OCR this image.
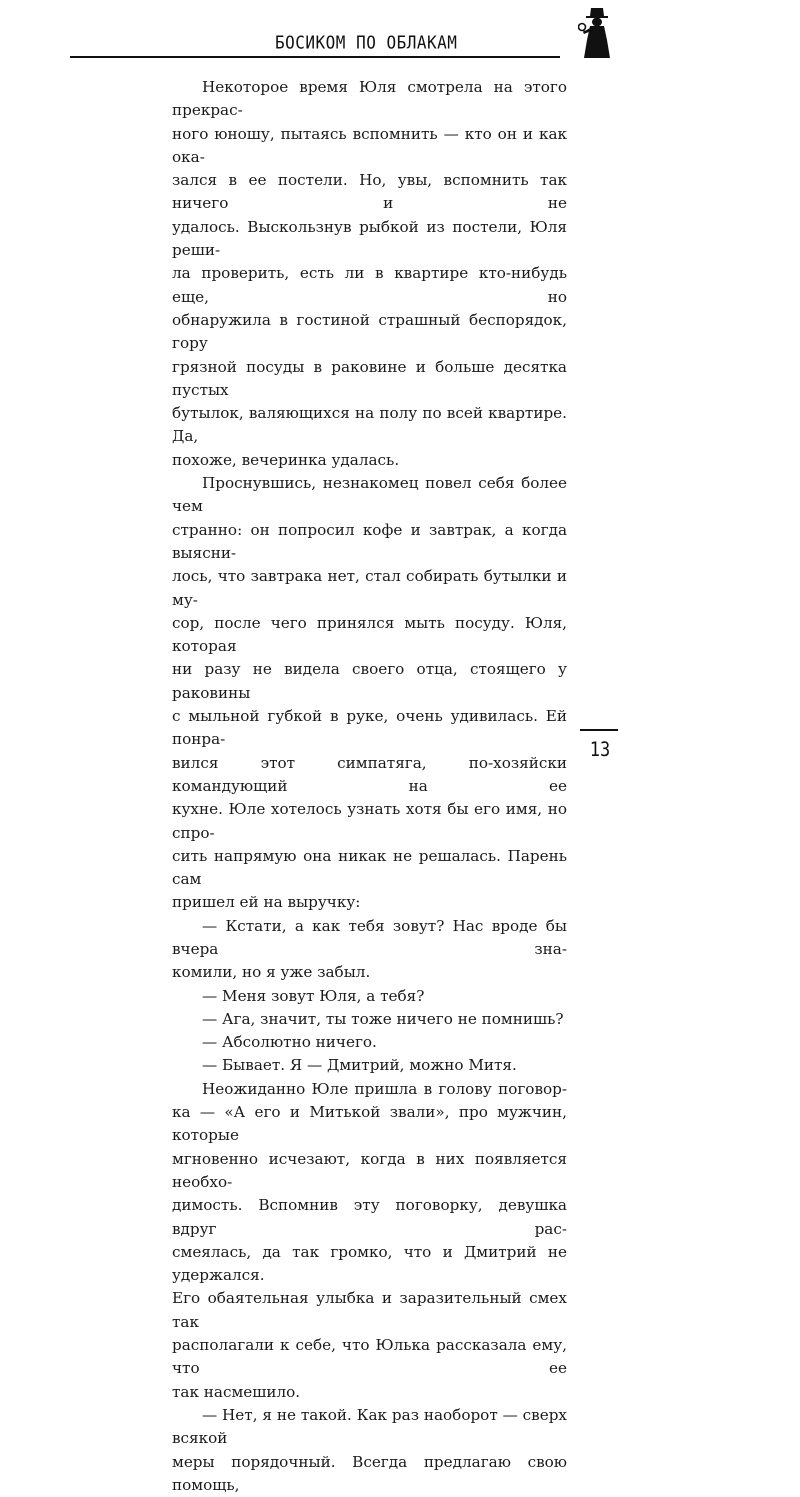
БОСИКОМ ПО ОБЛАКАМ

Некоторое время Юля смотрела на этого прекрас-

ного юношу, пытаясь вспомнить — кто он и как ока-

зался в ее постели. Но, увы, вспомнить так ничего и не

удалось. Выскользнув рыбкой из постели, Юля реши-

ла проверить, есть ли в квартире кто-нибудь еще, но

обнаружила в гостиной страшный беспорядок, гору

грязной посуды в раковине и больше десятка пустых

бутылок, валяющихся на полу по всей квартире. Да,

похоже, вечеринка удалась.

Проснувшись, незнакомец повел себя более чем

странно: он попросил кофе и завтрак, а когда выясни-

лось, что завтрака нет, стал собирать бутылки и му-

сор, после чего принялся мыть посуду. Юля, которая

ни разу не видела своего отца, стоящего у раковины

с мыльной губкой в руке, очень удивилась. Ей понра-

вился этот симпатяга, по-хозяйски командующий на ее

кухне. Юле хотелось узнать хотя бы его имя, но спро-

сить напрямую она никак не решалась. Парень сам

пришел ей на выручку:

— Кстати, а как тебя зовут? Нас вроде бы вчера зна-

комили, но я уже забыл.

— Меня зовут Юля, а тебя?

— Ага, значит, ты тоже ничего не помнишь?

— Абсолютно ничего.

— Бывает. Я — Дмитрий, можно Митя.

Неожиданно Юле пришла в голову поговор-

ка — «А его и Митькой звали», про мужчин, которые

мгновенно исчезают, когда в них появляется необхо-

димость. Вспомнив эту поговорку, девушка вдруг рас-

смеялась, да так громко, что и Дмитрий не удержался.

Его обаятельная улыбка и заразительный смех так

располагали к себе, что Юлька рассказала ему, что ее

так насмешило.

— Нет, я не такой. Как раз наоборот — сверх всякой

меры порядочный. Всегда предлагаю свою помощь,

13
